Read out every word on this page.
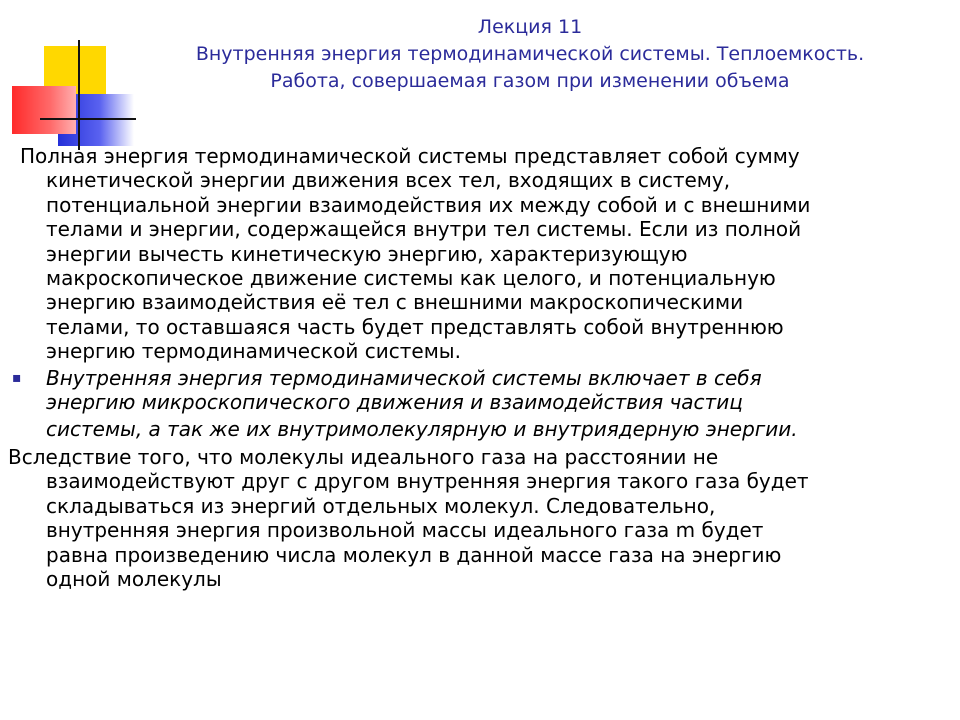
Лекция 11
Внутренняя энергия термодинамической системы. Теплоемкость.
Работа, совершаемая газом при изменении объема
Полная энергия термодинамической системы представляет собой сумму
кинетической энергии движения всех тел, входящих в систему,
потенциальной энергии взаимодействия их между собой и с внешними
телами и энергии, содержащейся внутри тел системы. Если из полной
энергии вычесть кинетическую энергию, характеризующую
макроскопическое движение системы как целого, и потенциальную
энергию взаимодействия её тел с внешними макроскопическими
телами, то оставшаяся часть будет представлять собой внутреннюю
энергию термодинамической системы.
▪ Внутренняя энергия термодинамической системы включает в себя
энергию микроскопического движения и взаимодействия частиц
системы, а так же их внутримолекулярную и внутриядерную энергии.
Вследствие того, что молекулы идеального газа на расстоянии не
взаимодействуют друг с другом внутренняя энергия такого газа будет
складываться из энергий отдельных молекул. Следовательно,
внутренняя энергия произвольной массы идеального газа m будет
равна произведению числа молекул в данной массе газа на энергию
одной молекулы
